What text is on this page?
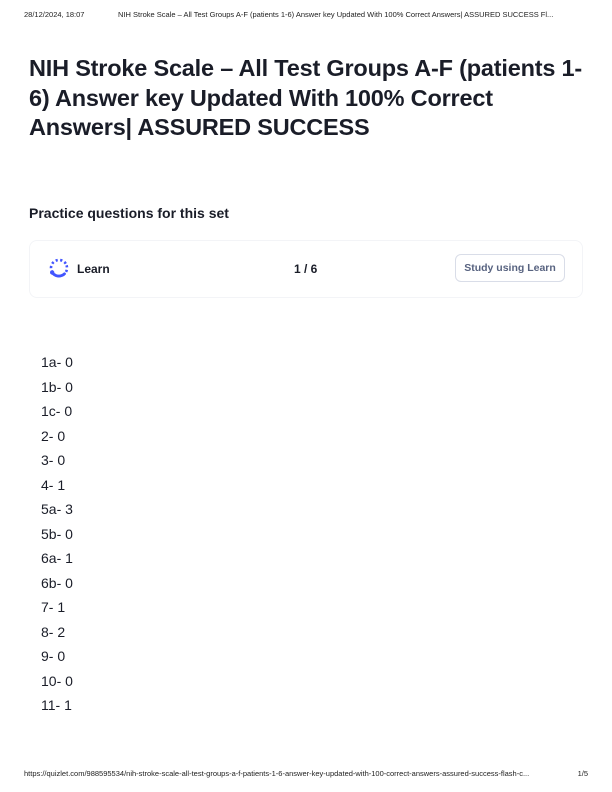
28/12/2024, 18:07	NIH Stroke Scale – All Test Groups A-F (patients 1-6) Answer key Updated With 100% Correct Answers| ASSURED SUCCESS Fl...
NIH Stroke Scale – All Test Groups A-F (patients 1-6) Answer key Updated With 100% Correct Answers| ASSURED SUCCESS
Practice questions for this set
Learn	1 / 6	Study using Learn
1a- 0
1b- 0
1c- 0
2- 0
3- 0
4- 1
5a- 3
5b- 0
6a- 1
6b- 0
7- 1
8- 2
9- 0
10- 0
11- 1
https://quizlet.com/988595534/nih-stroke-scale-all-test-groups-a-f-patients-1-6-answer-key-updated-with-100-correct-answers-assured-success-flash-c...	1/5
